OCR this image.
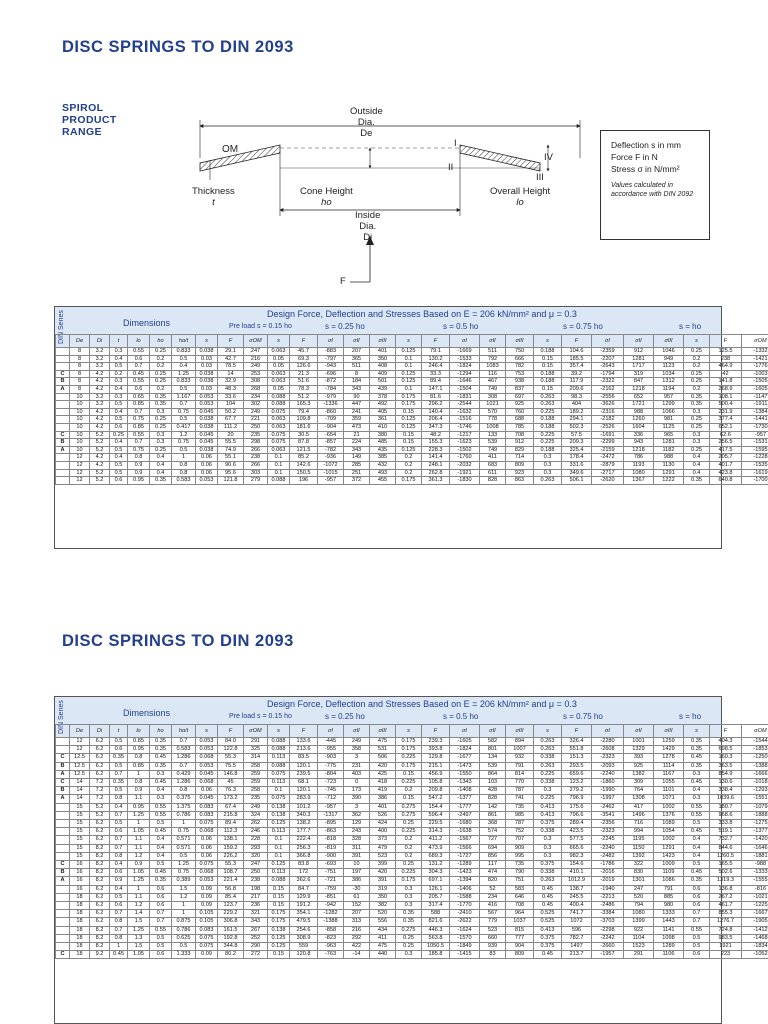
DISC SPRINGS TO DIN 2093
DISC SPRINGS TO DIN 2093
SPIROL
PRODUCT
RANGE
Outside
Dia.
De
OM
I
II
III
IV
Thickness
t
Cone Height
ho
Overall Height
lo
Inside
Dia.
Di
F
Deflection s in mm
Force F in N
Stress σ in N/mm²
Values calculated in accordance with DIN 2092
DIN Series	Dimensions
Design Force, Deflection and Stresses Based on E = 206 kN/mm² and μ = 0.3
Pre load s = 0.15 ho	s = 0.25 ho	s = 0.5 ho	s = 0.75 ho	s = ho
	De	Di	t	lo	ho	ho/t	s	F	σOM	s	F	σI	σII	σIII	s	F	σI	σII	σIII	s	F	σI	σII	σIII	s	F	σOM
	8	3.2	0.3	0.55	0.25	0.833	0.038	29.1	247	0.063	45.7	-883	207	401	0.125	79.1	-1669	511	750	0.188	104.6	-2359	912	1046	0.25	125.5	-1332
	8	3.2	0.4	0.6	0.2	0.5	0.03	42.7	216	0.05	69.3	-797	365	350	0.1	130.2	-1533	792	666	0.15	185.5	-2207	1281	949	0.2	238	-1421
	8	3.2	0.5	0.7	0.2	0.4	0.03	78.5	249	0.05	126.6	-943	511	408	0.1	246.4	-1824	1083	782	0.15	357.4	-2643	1717	1123	0.2	464.9	-1776
C	8	4.2	0.2	0.45	0.25	1.25	0.038	14	253	0.063	21.3	-696	8	409	0.125	33.3	-1294	116	753	0.188	39.2	-1794	319	1034	0.25	42	-1003
B	8	4.2	0.3	0.55	0.25	0.833	0.038	32.9	308	0.063	51.6	-872	184	501	0.125	89.4	-1646	467	938	0.188	117.9	-2322	847	1312	0.25	141.8	-1505
A	8	4.2	0.4	0.6	0.2	0.5	0.03	48.3	268	0.05	78.3	-784	343	439	0.1	147.1	-1504	749	837	0.15	209.6	-2162	1218	1194	0.2	268.9	-1605
	10	3.2	0.3	0.65	0.35	1.167	0.053	33.6	234	0.088	51.2	-979	90	378	0.175	81.6	-1831	308	697	0.263	98.3	-2556	652	957	0.35	108.1	-1147
	10	3.2	0.5	0.85	0.35	0.7	0.053	104	302	0.088	165.3	-1336	447	492	0.175	296.2	-2544	1021	925	0.263	404	-3626	1721	1299	0.35	500.4	-1911
	10	4.2	0.4	0.7	0.3	0.75	0.045	50.2	249	0.075	79.4	-860	241	405	0.15	140.4	-1632	570	760	0.225	189.2	-2316	988	1066	0.3	231.9	-1384
	10	4.2	0.5	0.75	0.25	0.5	0.038	67.7	221	0.063	109.8	-709	359	361	0.125	206.4	-1516	778	688	0.188	294.1	-2182	1260	981	0.25	377.4	-1441
	10	4.2	0.6	0.85	0.25	0.417	0.038	111.2	250	0.063	181.6	-904	473	410	0.125	347.3	-1746	1008	785	0.188	502.3	-2526	1604	1125	0.25	652.1	-1730
C	10	5.2	0.25	0.55	0.3	1.2	0.045	20	235	0.075	30.5	-654	21	380	0.15	48.2	-1217	133	708	0.225	57.5	-1691	336	965	0.3	62.6	-957
B	10	5.2	0.4	0.7	0.3	0.75	0.045	55.5	298	0.075	87.8	-857	224	485	0.15	155.3	-1623	539	912	0.225	209.3	-2299	943	1281	0.3	256.5	-1531
A	10	5.2	0.5	0.75	0.25	0.5	0.038	74.9	266	0.063	121.5	-782	343	435	0.125	228.3	-1502	749	829	0.188	325.4	-2159	1218	1182	0.25	417.5	-1595
	12	4.2	0.4	0.8	0.4	1	0.06	55.1	238	0.1	85.2	-936	149	385	0.2	141.4	-1760	411	714	0.3	178.4	-2472	786	988	0.4	205.7	-1228
	12	4.2	0.5	0.9	0.4	0.8	0.06	90.6	266	0.1	142.6	-1072	285	432	0.2	248.1	-2032	683	809	0.3	331.6	-2879	1193	1130	0.4	401.7	-1535
	12	5.2	0.5	0.9	0.4	0.8	0.06	95.6	303	0.1	150.5	-1015	251	493	0.2	262.8	-1921	611	923	0.3	349.6	-2717	1080	1291	0.4	423.8	-1619
	12	5.2	0.6	0.95	0.35	0.583	0.053	121.8	279	0.088	196	-957	372	455	0.175	361.3	-1830	828	863	0.263	506.1	-2620	1367	1222	0.35	640.8	-1700
DIN Series	Dimensions
Design Force, Deflection and Stresses Based on E = 206 kN/mm² and μ = 0.3
Pre load s = 0.15 ho	s = 0.25 ho	s = 0.5 ho	s = 0.75 ho	s = ho
	De	Di	t	lo	ho	ho/t	s	F	σOM	s	F	σI	σII	σIII	s	F	σI	σII	σIII	s	F	σI	σII	σIII	s	F	σOM
	12	6.2	0.5	0.85	0.35	0.7	0.053	84.0	291	0.088	133.6	-445	249	475	0.175	239.3	-1605	582	894	0.263	326.4	-2280	1001	1259	0.35	404.3	-1544
	12	6.2	0.6	0.95	0.35	0.583	0.053	122.8	325	0.088	213.6	-955	358	531	0.175	393.8	-1824	801	1007	0.263	551.8	-2608	1329	1429	0.35	698.5	-1853
C	12.5	6.2	0.35	0.8	0.45	1.286	0.068	55.3	314	0.113	83.5	-903	3	506	0.225	129.8	-1677	134	932	0.338	151.3	-2323	393	1278	0.45	160.3	-1250
B	12.5	6.2	0.5	0.85	0.35	0.7	0.053	75.5	258	0.088	120.1	-775	231	420	0.175	215.1	-1473	539	791	0.263	293.5	-2093	925	1114	0.35	363.5	-1388
A	12.5	6.2	0.7	1	0.3	0.429	0.045	146.8	259	0.075	239.5	-804	403	425	0.15	456.9	-1550	864	814	0.225	659.6	-2240	1382	1167	0.3	854.9	-1666
C	14	7.2	0.35	0.8	0.45	1.286	0.068	45	259	0.113	68.1	-723	0	418	0.225	105.8	-1343	103	770	0.338	123.2	-1860	309	1055	0.45	130.6	-1018
B	14	7.2	0.5	0.9	0.4	0.8	0.06	76.3	258	0.1	120.1	-745	173	419	0.2	209.8	-1408	428	787	0.3	279.2	-1990	764	1101	0.4	338.4	-1293
A	14	7.2	0.8	1.1	0.3	0.375	0.045	173.2	235	0.075	283.9	-712	390	386	0.15	547.2	-1377	828	741	0.225	796.9	-1997	1308	1071	0.3	1039.6	-1551
	15	5.2	0.4	0.95	0.55	1.375	0.083	67.4	249	0.138	101.2	-957	3	401	0.275	154.4	-1777	142	735	0.413	175.6	-2462	417	1002	0.55	180.7	-1079
	15	5.2	0.7	1.25	0.55	0.786	0.083	215.8	324	0.138	340.3	-1317	362	526	0.275	596.4	-2497	861	985	0.413	796.6	-3541	1496	1376	0.55	968.6	-1888
	15	6.2	0.5	1	0.5	1	0.075	89.4	262	0.125	138.2	-895	129	424	0.25	229.5	-1680	368	787	0.375	289.4	-2356	716	1089	0.5	333.8	-1275
	15	6.2	0.6	1.05	0.45	0.75	0.068	112.3	246	0.113	177.7	-863	243	400	0.225	314.3	-1638	574	752	0.338	423.5	-2323	994	1054	0.45	519.1	-1377
	15	6.2	0.7	1.1	0.4	0.571	0.06	138.1	228	0.1	222.4	-818	328	373	0.2	411.2	-1567	727	707	0.3	577.5	-2245	1195	1002	0.4	732.7	-1420
	15	8.2	0.7	1.1	0.4	0.571	0.06	159.2	293	0.1	256.3	-819	311	479	0.2	473.9	-1566	694	909	0.3	665.6	-2240	1150	1291	0.4	844.6	-1646
	15	8.2	0.8	1.2	0.4	0.5	0.06	226.2	320	0.1	366.8	-900	391	523	0.2	689.3	-1727	856	995	0.3	982.3	-2482	1392	1423	0.4	1260.5	-1881
C	16	8.2	0.4	0.9	0.5	1.25	0.075	55.3	247	0.125	83.8	-693	10	399	0.25	131.2	-1289	117	735	0.375	154.6	-1786	322	1009	0.5	165.5	-988
B	16	8.2	0.6	1.05	0.45	0.75	0.068	108.7	250	0.113	172	-751	197	420	0.225	304.3	-1423	474	790	0.338	410.1	-2016	830	1109	0.45	502.6	-1333
A	16	8.2	0.9	1.25	0.35	0.389	0.053	221.4	238	0.088	362.6	-721	386	391	0.175	697.1	-1394	820	751	0.263	1012.9	-2019	1301	1086	0.35	1319.3	-1555
	16	6.2	0.4	1	0.6	1.5	0.09	56.8	198	0.15	84.7	-759	-30	319	0.3	126.1	-1406	52	583	0.45	138.7	-1940	247	791	0.6	136.8	-816
	18	6.2	0.5	1.1	0.6	1.2	0.09	85.4	217	0.15	129.9	-851	61	350	0.3	205.7	-1588	234	646	0.45	245.5	-2213	520	885	0.6	267.2	-1021
	18	6.2	0.6	1.2	0.6	1	0.09	123.7	236	0.15	191.2	-942	152	382	0.3	317.4	-1770	416	708	0.45	400.4	-2486	794	980	0.6	461.7	-1225
	18	6.2	0.7	1.4	0.7	1	0.105	229.2	321	0.175	354.1	-1282	207	520	0.35	588	-2410	567	964	0.525	741.7	-3384	1080	1333	0.7	855.3	-1667
	18	6.2	0.8	1.5	0.7	0.875	0.105	306.8	343	0.175	479.5	-1388	313	556	0.35	821.6	-2622	779	1037	0.525	1072	-3703	1399	1443	0.7	1276.7	-1905
	18	8.2	0.7	1.25	0.55	0.786	0.083	161.5	267	0.138	254.6	-858	216	434	0.275	446.3	-1624	523	815	0.413	596	-2298	922	1141	0.55	724.8	-1412
	18	8.2	0.8	1.3	0.5	0.625	0.075	192.8	252	0.125	308.9	-823	292	411	0.25	563.8	-1570	660	777	0.375	782.7	-2242	1104	1098	0.5	983.5	-1468
	18	8.2	1	1.5	0.5	0.5	0.075	344.8	290	0.125	559	-963	422	475	0.25	1050.5	-1849	939	904	0.375	1497	-2660	1523	1289	0.5	1921	-1834
C	18	9.2	0.45	1.05	0.6	1.333	0.09	80.2	272	0.15	120.8	-763	-14	440	0.3	185.8	-1415	83	809	0.45	213.7	-1957	291	1106	0.6	223	-1052
